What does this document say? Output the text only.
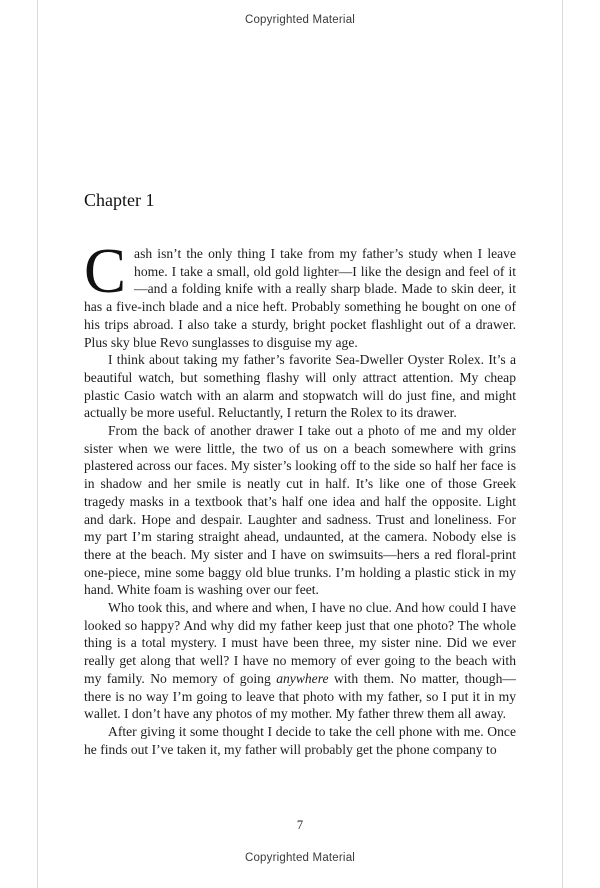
Copyrighted Material
Chapter 1

Cash isn’t the only thing I take from my father’s study when I leave home. I take a small, old gold lighter—I like the design and feel of it—and a folding knife with a really sharp blade. Made to skin deer, it has a five-inch blade and a nice heft. Probably something he bought on one of his trips abroad. I also take a sturdy, bright pocket flashlight out of a drawer. Plus sky blue Revo sunglasses to disguise my age.

I think about taking my father’s favorite Sea-Dweller Oyster Rolex. It’s a beautiful watch, but something flashy will only attract attention. My cheap plastic Casio watch with an alarm and stopwatch will do just fine, and might actually be more useful. Reluctantly, I return the Rolex to its drawer.

From the back of another drawer I take out a photo of me and my older sister when we were little, the two of us on a beach somewhere with grins plastered across our faces. My sister’s looking off to the side so half her face is in shadow and her smile is neatly cut in half. It’s like one of those Greek tragedy masks in a textbook that’s half one idea and half the opposite. Light and dark. Hope and despair. Laughter and sadness. Trust and loneliness. For my part I’m staring straight ahead, undaunted, at the camera. Nobody else is there at the beach. My sister and I have on swimsuits—hers a red floral-print one-piece, mine some baggy old blue trunks. I’m holding a plastic stick in my hand. White foam is washing over our feet.

Who took this, and where and when, I have no clue. And how could I have looked so happy? And why did my father keep just that one photo? The whole thing is a total mystery. I must have been three, my sister nine. Did we ever really get along that well? I have no memory of ever going to the beach with my family. No memory of going anywhere with them. No matter, though—there is no way I’m going to leave that photo with my father, so I put it in my wallet. I don’t have any photos of my mother. My father threw them all away.

After giving it some thought I decide to take the cell phone with me. Once he finds out I’ve taken it, my father will probably get the phone company to

7
Copyrighted Material
